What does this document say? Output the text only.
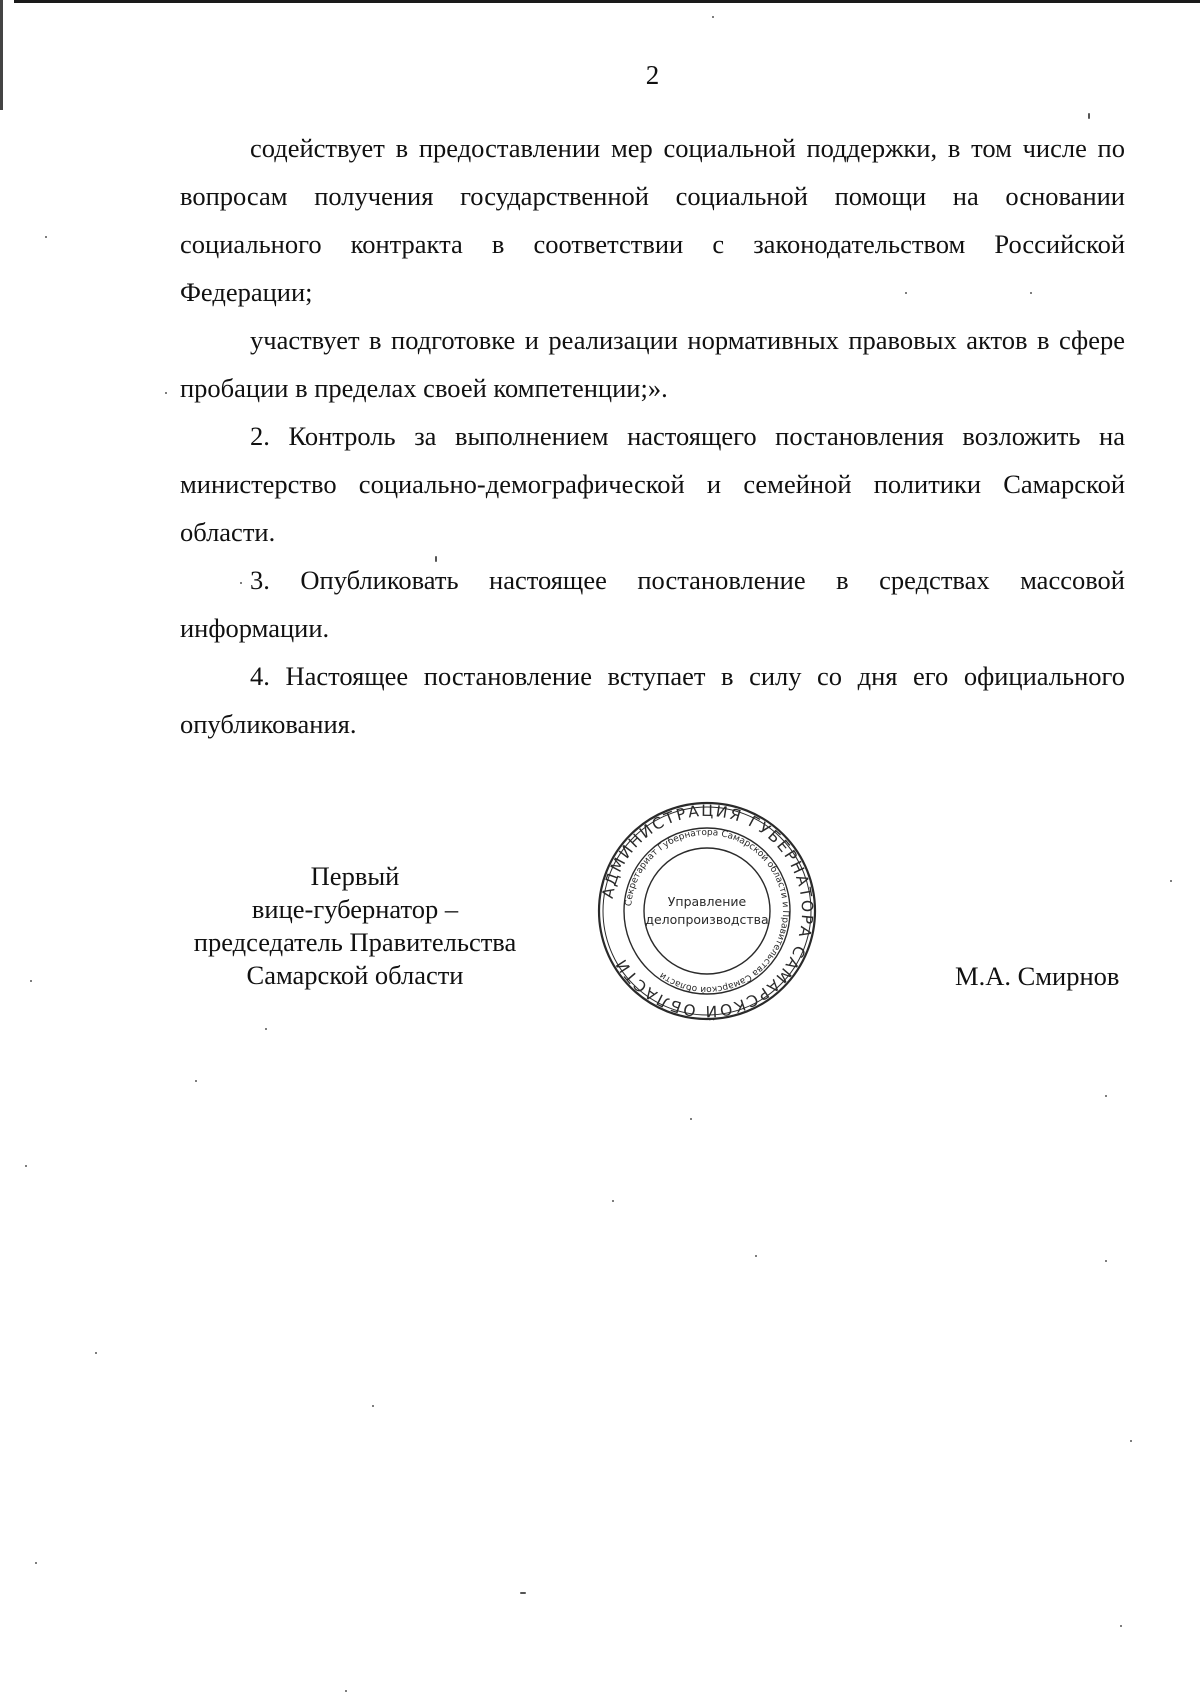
2

содействует в предоставлении мер социальной поддержки, в том числе по вопросам получения государственной социальной помощи на основании социального контракта в соответствии с законодательством Российской Федерации;

участвует в подготовке и реализации нормативных правовых актов в сфере пробации в пределах своей компетенции;».

2. Контроль за выполнением настоящего постановления возложить на министерство социально-демографической и семейной политики Самарской области.

3. Опубликовать настоящее постановление в средствах массовой информации.

4. Настоящее постановление вступает в силу со дня его официального опубликования.

Первый
вице-губернатор –
председатель Правительства
Самарской области
АДМИНИСТРАЦИЯ ГУБЕРНАТОРА САМАРСКОЙ ОБЛАСТИ
Секретариат Губернатора Самарской области и Правительства Самарской области
Управление
делопроизводства
М.А. Смирнов
